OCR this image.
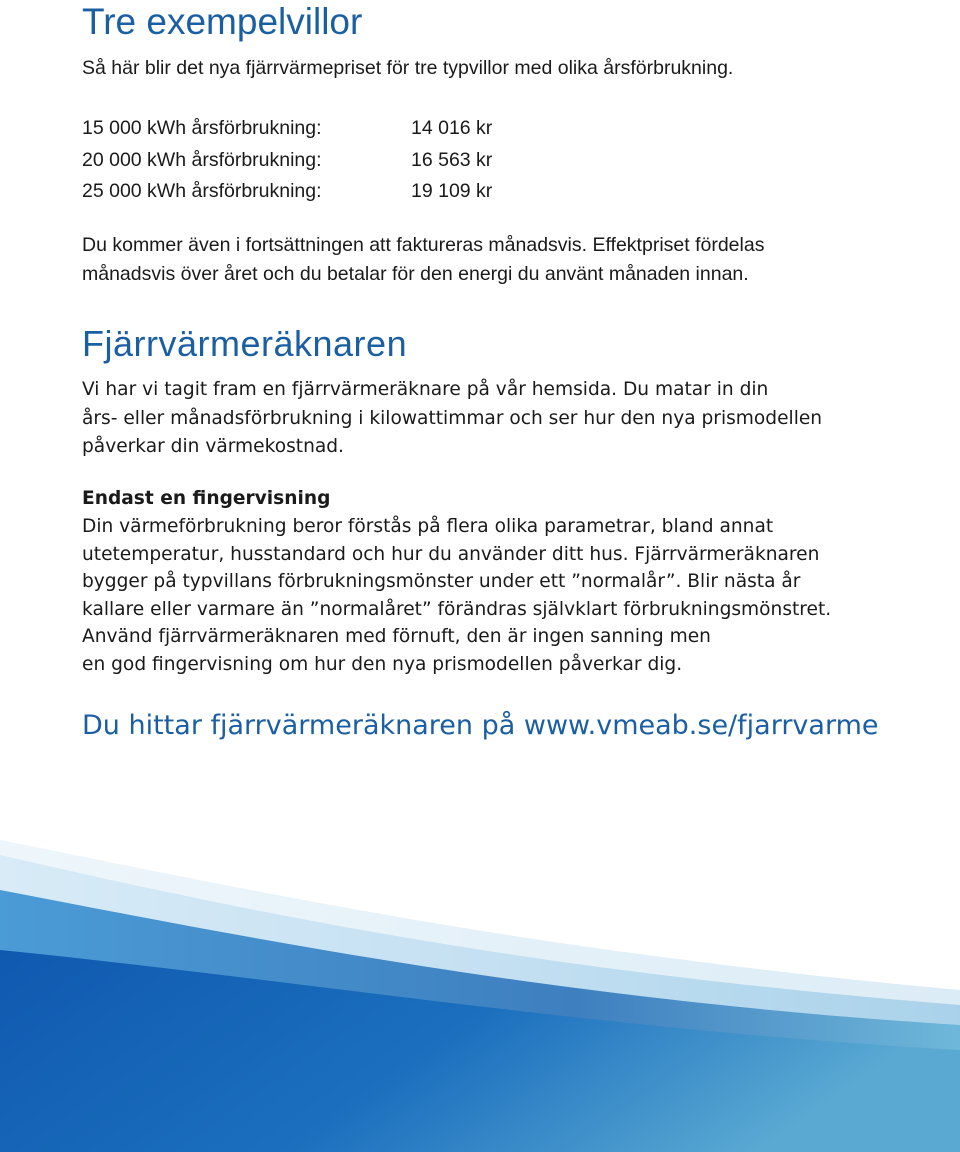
Tre exempelvillor
Så här blir det nya fjärrvärmepriset för tre typvillor med olika årsförbrukning.
15 000 kWh årsförbrukning:	14 016 kr
20 000 kWh årsförbrukning:	16 563 kr
25 000 kWh årsförbrukning:	19 109 kr
Du kommer även i fortsättningen att faktureras månadsvis. Effektpriset fördelas
månadsvis över året och du betalar för den energi du använt månaden innan.
Fjärrvärmeräknaren
Vi har vi tagit fram en fjärrvärmeräknare på vår hemsida. Du matar in din
års- eller månadsförbrukning i kilowattimmar och ser hur den nya prismodellen
påverkar din värmekostnad.
Endast en fingervisning
Din värmeförbrukning beror förstås på flera olika parametrar, bland annat
utetemperatur, husstandard och hur du använder ditt hus. Fjärrvärmeräknaren
bygger på typvillans förbrukningsmönster under ett ”normalår”. Blir nästa år
kallare eller varmare än ”normalåret” förändras självklart förbrukningsmönstret.
Använd fjärrvärmeräknaren med förnuft, den är ingen sanning men
en god fingervisning om hur den nya prismodellen påverkar dig.
Du hittar fjärrvärmeräknaren på www.vmeab.se/fjarrvarme
